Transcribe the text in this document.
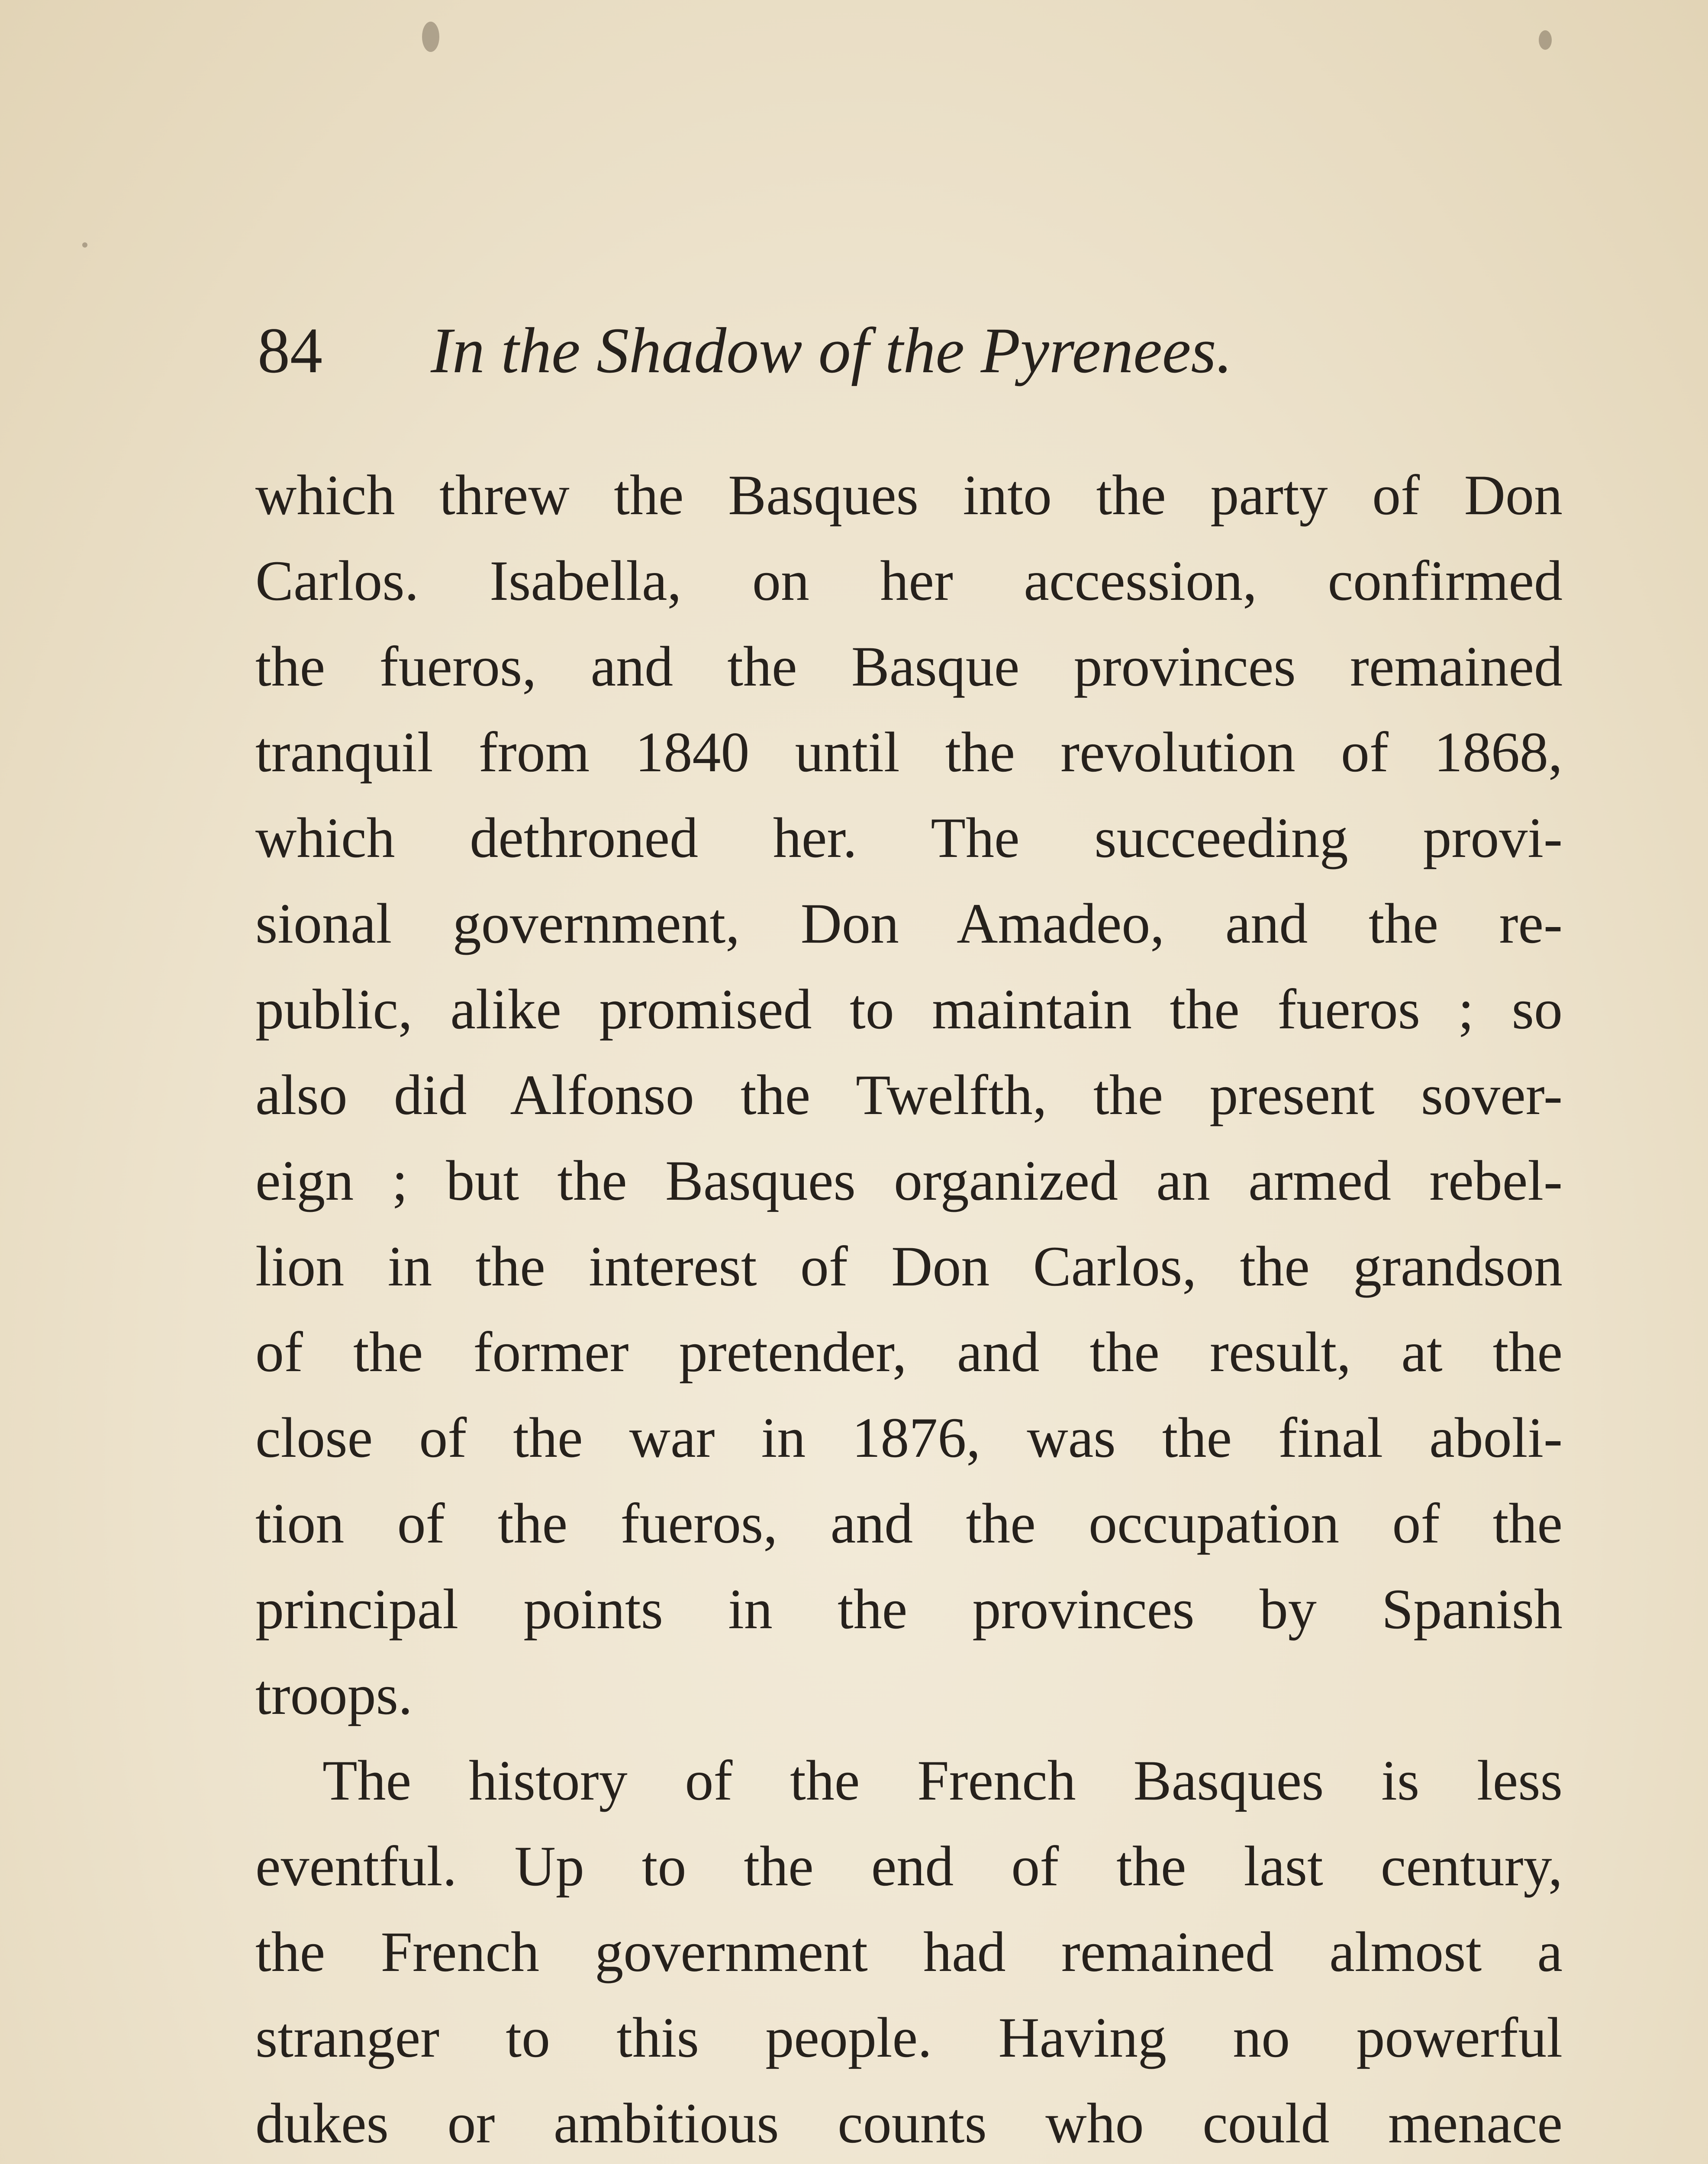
84 In the Shadow of the Pyrenees.
which threw the Basques into the party of Don
Carlos. Isabella, on her accession, confirmed
the fueros, and the Basque provinces remained
tranquil from 1840 until the revolution of 1868,
which dethroned her. The succeeding provi-
sional government, Don Amadeo, and the re-
public, alike promised to maintain the fueros ; so
also did Alfonso the Twelfth, the present sover-
eign ; but the Basques organized an armed rebel-
lion in the interest of Don Carlos, the grandson
of the former pretender, and the result, at the
close of the war in 1876, was the final aboli-
tion of the fueros, and the occupation of the
principal points in the provinces by Spanish
troops.
The history of the French Basques is less
eventful. Up to the end of the last century,
the French government had remained almost a
stranger to this people. Having no powerful
dukes or ambitious counts who could menace
